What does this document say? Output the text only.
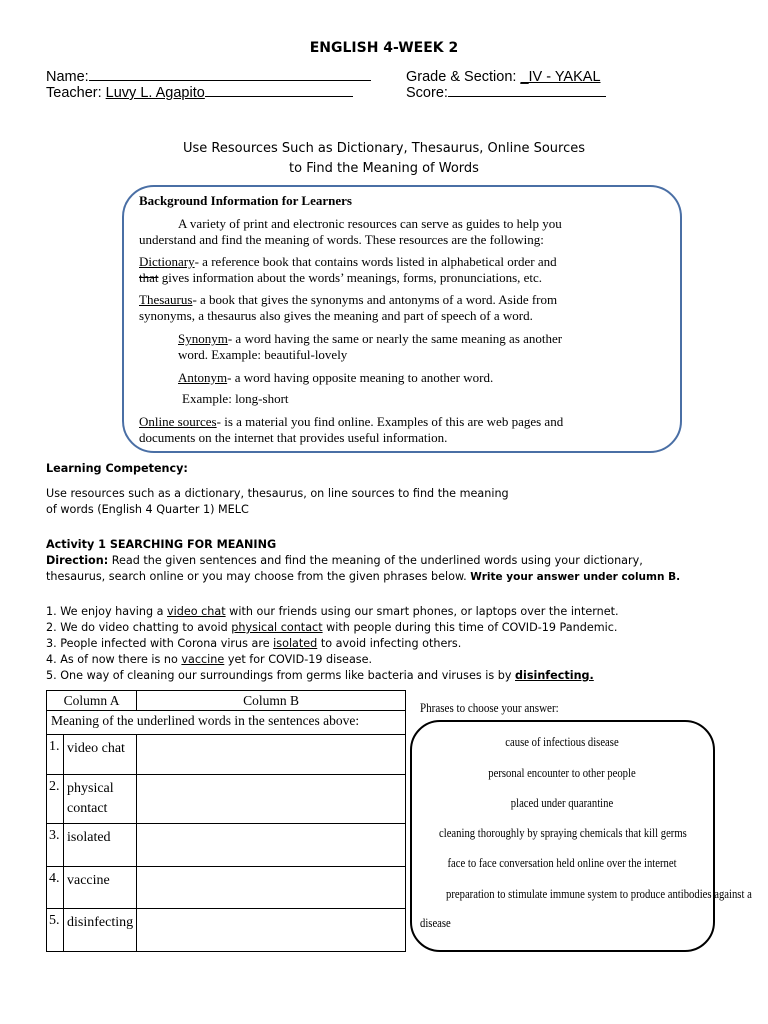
ENGLISH 4-WEEK 2
Name:	Grade & Section: _IV - YAKAL
Teacher: Luvy L. Agapito	Score:
Use Resources Such as Dictionary, Thesaurus, Online Sources
to Find the Meaning of Words
Background Information for Learners
A variety of print and electronic resources can serve as guides to help you
understand and find the meaning of words. These resources are the following:
Dictionary- a reference book that contains words listed in alphabetical order and
that gives information about the words’ meanings, forms, pronunciations, etc.
Thesaurus- a book that gives the synonyms and antonyms of a word. Aside from
synonyms, a thesaurus also gives the meaning and part of speech of a word.
Synonym- a word having the same or nearly the same meaning as another
word. Example: beautiful-lovely
Antonym- a word having opposite meaning to another word.
Example: long-short
Online sources- is a material you find online. Examples of this are web pages and
documents on the internet that provides useful information.
Learning Competency:
Use resources such as a dictionary, thesaurus, on line sources to find the meaning
of words (English 4 Quarter 1) MELC
Activity 1 SEARCHING FOR MEANING
Direction: Read the given sentences and find the meaning of the underlined words using your dictionary,
thesaurus, search online or you may choose from the given phrases below. Write your answer under column B.
1. We enjoy having a video chat with our friends using our smart phones, or laptops over the internet.
2. We do video chatting to avoid physical contact with people during this time of COVID-19 Pandemic.
3. People infected with Corona virus are isolated to avoid infecting others.
4. As of now there is no vaccine yet for COVID-19 disease.
5. One way of cleaning our surroundings from germs like bacteria and viruses is by disinfecting.
Column A		Column B
Meaning of the underlined words in the sentences above:		
1.	video chat	
2.	physical contact	
3.	isolated	
4.	vaccine	
5.	disinfecting	
Phrases to choose your answer:
cause of infectious disease
personal encounter to other people
placed under quarantine
cleaning thoroughly by spraying chemicals that kill germs
face to face conversation held online over the internet
preparation to stimulate immune system to produce antibodies against a
disease
